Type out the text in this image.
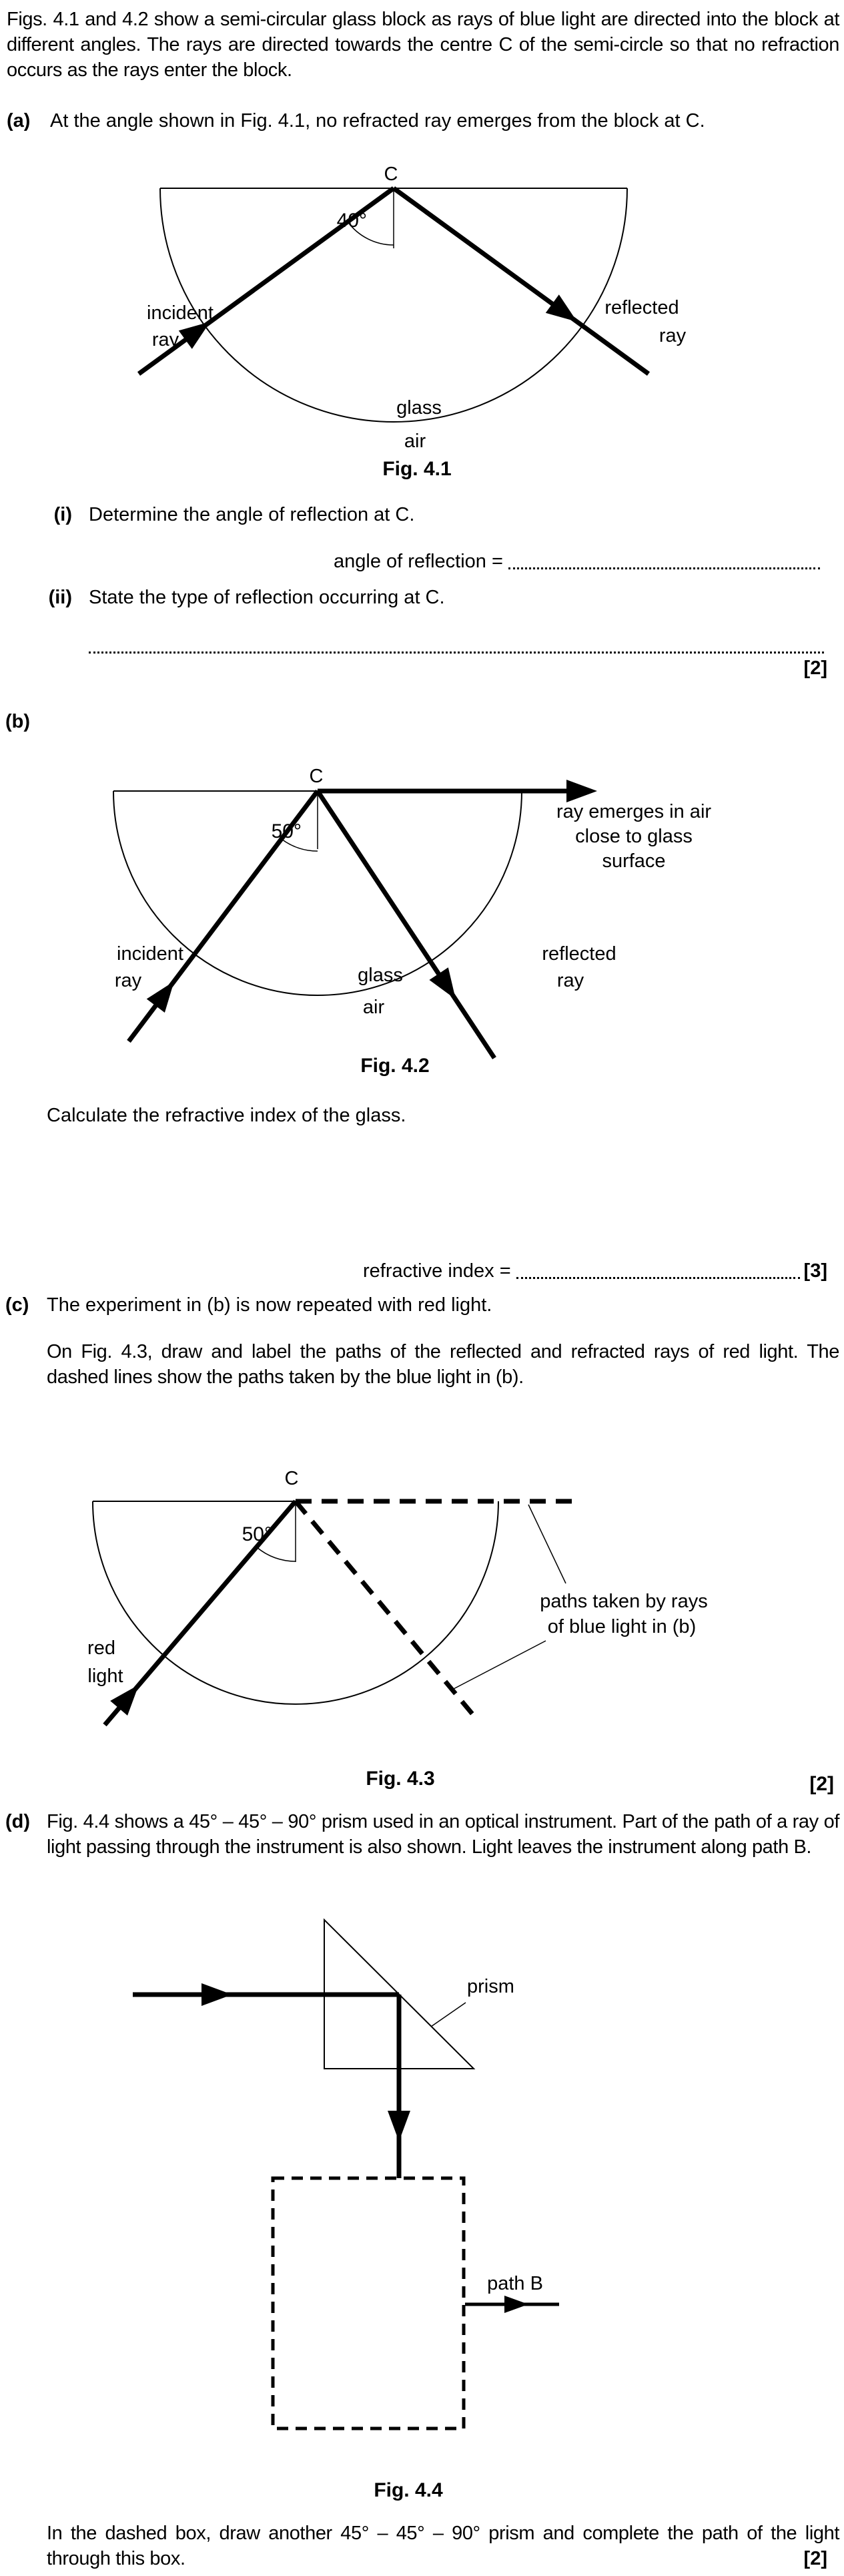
Figs. 4.1 and 4.2 show a semi-circular glass block as rays of blue light are directed into the block at different angles. The rays are directed towards the centre C of the semi-circle so that no refraction occurs as the rays enter the block.
(a) At the angle shown in Fig. 4.1, no refracted ray emerges from the block at C.
C
40°
incident
ray
reflected
ray
glass
air
Fig. 4.1
(i) Determine the angle of reflection at C.
angle of reflection =
(ii) State the type of reflection occurring at C.
[2]
(b)
C
50°
ray emerges in air
close to glass
surface
incident
ray
reflected
ray
glass
air
Fig. 4.2
Calculate the refractive index of the glass.
refractive index =	[3]
(c) The experiment in (b) is now repeated with red light.
On Fig. 4.3, draw and label the paths of the reflected and refracted rays of red light. The dashed lines show the paths taken by the blue light in (b).
C
50°
red
light
paths taken by rays
of blue light in (b)
Fig. 4.3	[2]
(d) Fig. 4.4 shows a 45° – 45° – 90° prism used in an optical instrument. Part of the path of a ray of light passing through the instrument is also shown. Light leaves the instrument along path B.
prism
path B
Fig. 4.4
In the dashed box, draw another 45° – 45° – 90° prism and complete the path of the light through this box.	[2]
